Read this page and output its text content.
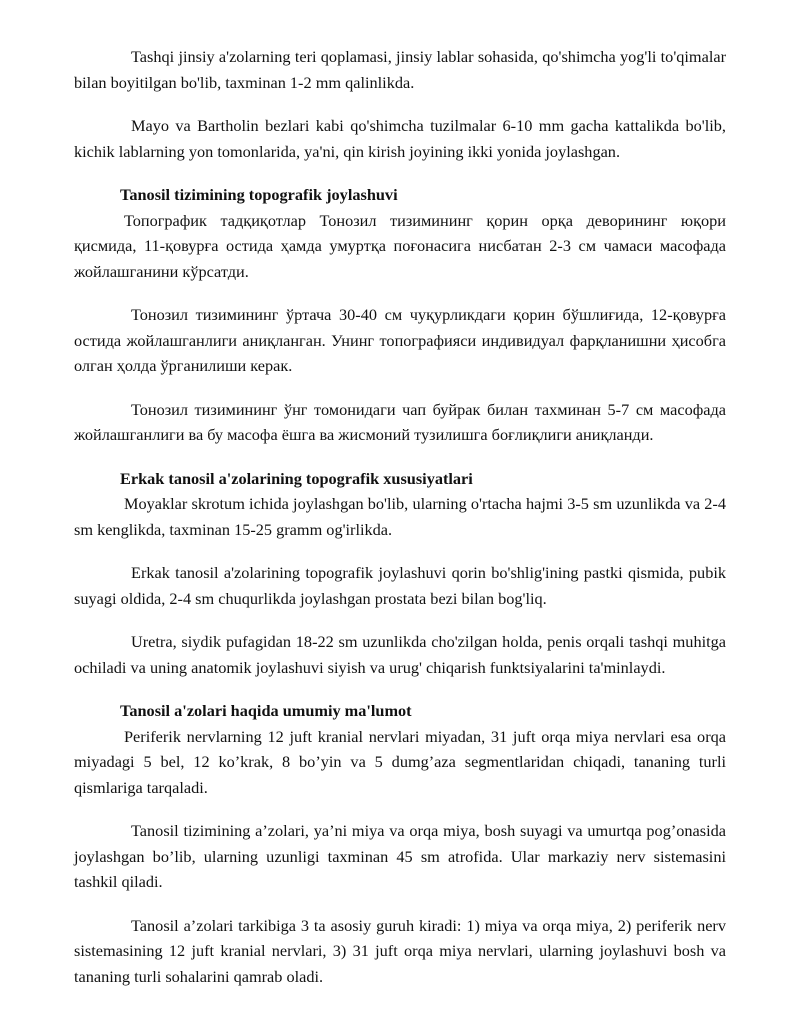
Tashqi jinsiy a'zolarning teri qoplamasi, jinsiy lablar sohasida, qo'shimcha yog'li to'qimalar bilan boyitilgan bo'lib, taxminan 1-2 mm qalinlikda.

Mayo va Bartholin bezlari kabi qo'shimcha tuzilmalar 6-10 mm gacha kattalikda bo'lib, kichik lablarning yon tomonlarida, ya'ni, qin kirish joyining ikki yonida joylashgan.

Tanosil tizimining topografik joylashuvi

Топографик тадқиқотлар Тонозил тизимининг қорин орқа деворининг юқори қисмида, 11-қовурға остида ҳамда умуртқа поғонасига нисбатан 2-3 см чамаси масофада жойлашганини кўрсатди.

Тонозил тизимининг ўртача 30-40 см чуқурликдаги қорин бўшлиғида, 12-қовурға остида жойлашганлиги аниқланган. Унинг топографияси индивидуал фарқланишни ҳисобга олган ҳолда ўрганилиши керак.

Тонозил тизимининг ўнг томонидаги чап буйрак билан тахминан 5-7 см масофада жойлашганлиги ва бу масофа ёшга ва жисмоний тузилишга боғлиқлиги аниқланди.

Erkak tanosil a'zolarining topografik xususiyatlari

Moyaklar skrotum ichida joylashgan bo'lib, ularning o'rtacha hajmi 3-5 sm uzunlikda va 2-4 sm kenglikda, taxminan 15-25 gramm og'irlikda.

Erkak tanosil a'zolarining topografik joylashuvi qorin bo'shlig'ining pastki qismida, pubik suyagi oldida, 2-4 sm chuqurlikda joylashgan prostata bezi bilan bog'liq.

Uretra, siydik pufagidan 18-22 sm uzunlikda cho'zilgan holda, penis orqali tashqi muhitga ochiladi va uning anatomik joylashuvi siyish va urug' chiqarish funktsiyalarini ta'minlaydi.

Tanosil a'zolari haqida umumiy ma'lumot

Periferik nervlarning 12 juft kranial nervlari miyadan, 31 juft orqa miya nervlari esa orqa miyadagi 5 bel, 12 ko’krak, 8 bo’yin va 5 dumg’aza segmentlaridan chiqadi, tananing turli qismlariga tarqaladi.

Tanosil tizimining a’zolari, ya’ni miya va orqa miya, bosh suyagi va umurtqa pog’onasida joylashgan bo’lib, ularning uzunligi taxminan 45 sm atrofida. Ular markaziy nerv sistemasini tashkil qiladi.

Tanosil a’zolari tarkibiga 3 ta asosiy guruh kiradi: 1) miya va orqa miya, 2) periferik nerv sistemasining 12 juft kranial nervlari, 3) 31 juft orqa miya nervlari, ularning joylashuvi bosh va tananing turli sohalarini qamrab oladi.
